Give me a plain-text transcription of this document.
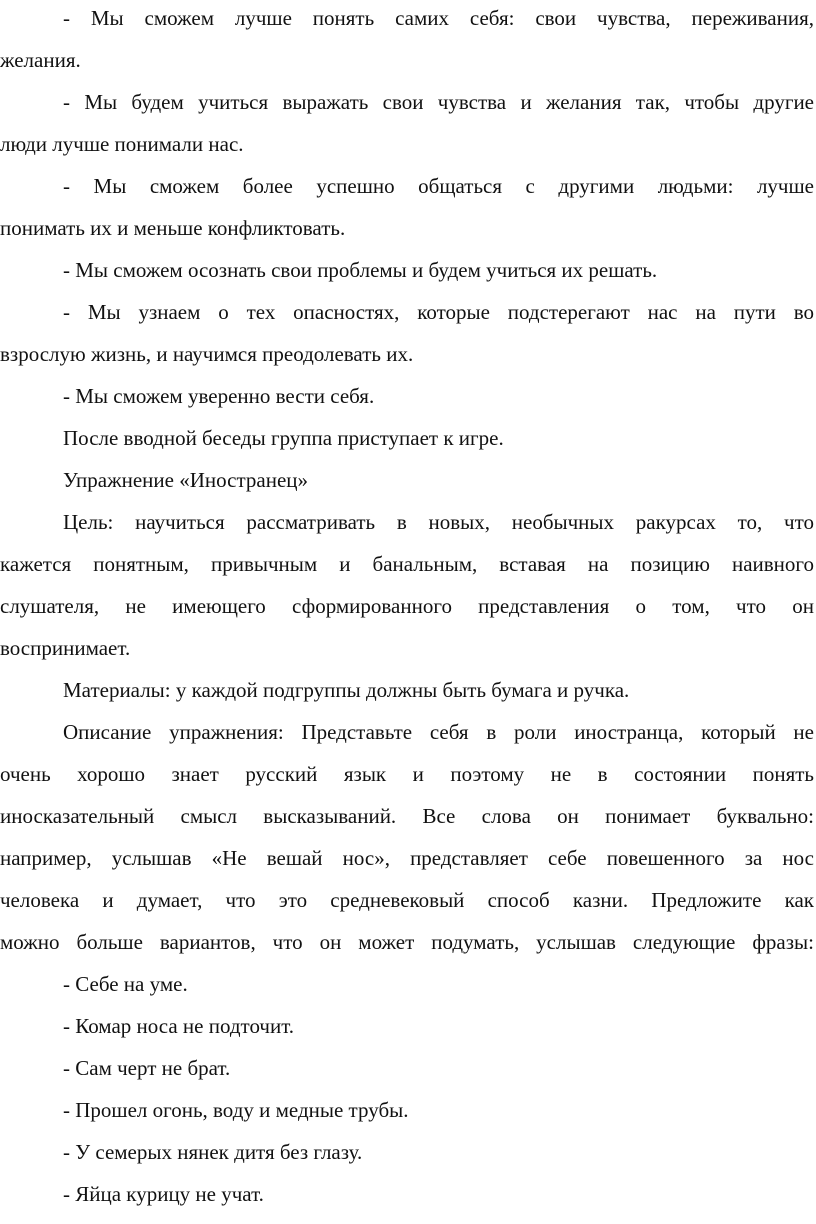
- Мы сможем лучше понять самих себя: свои чувства, переживания,
желания.
- Мы будем учиться выражать свои чувства и желания так, чтобы другие
люди лучше понимали нас.
- Мы сможем более успешно общаться с другими людьми: лучше
понимать их и меньше конфликтовать.
- Мы сможем осознать свои проблемы и будем учиться их решать.
- Мы узнаем о тех опасностях, которые подстерегают нас на пути во
взрослую жизнь, и научимся преодолевать их.
- Мы сможем уверенно вести себя.
После вводной беседы группа приступает к игре.
Упражнение «Иностранец»
Цель: научиться рассматривать в новых, необычных ракурсах то, что
кажется понятным, привычным и банальным, вставая на позицию наивного
слушателя, не имеющего сформированного представления о том, что он
воспринимает.
Материалы: у каждой подгруппы должны быть бумага и ручка.
Описание упражнения: Представьте себя в роли иностранца, который не
очень хорошо знает русский язык и поэтому не в состоянии понять
иносказательный смысл высказываний. Все слова он понимает буквально:
например, услышав «Не вешай нос», представляет себе повешенного за нос
человека и думает, что это средневековый способ казни. Предложите как
можно больше вариантов, что он может подумать, услышав следующие фразы:
- Себе на уме.
- Комар носа не подточит.
- Сам черт не брат.
- Прошел огонь, воду и медные трубы.
- У семерых нянек дитя без глазу.
- Яйца курицу не учат.
